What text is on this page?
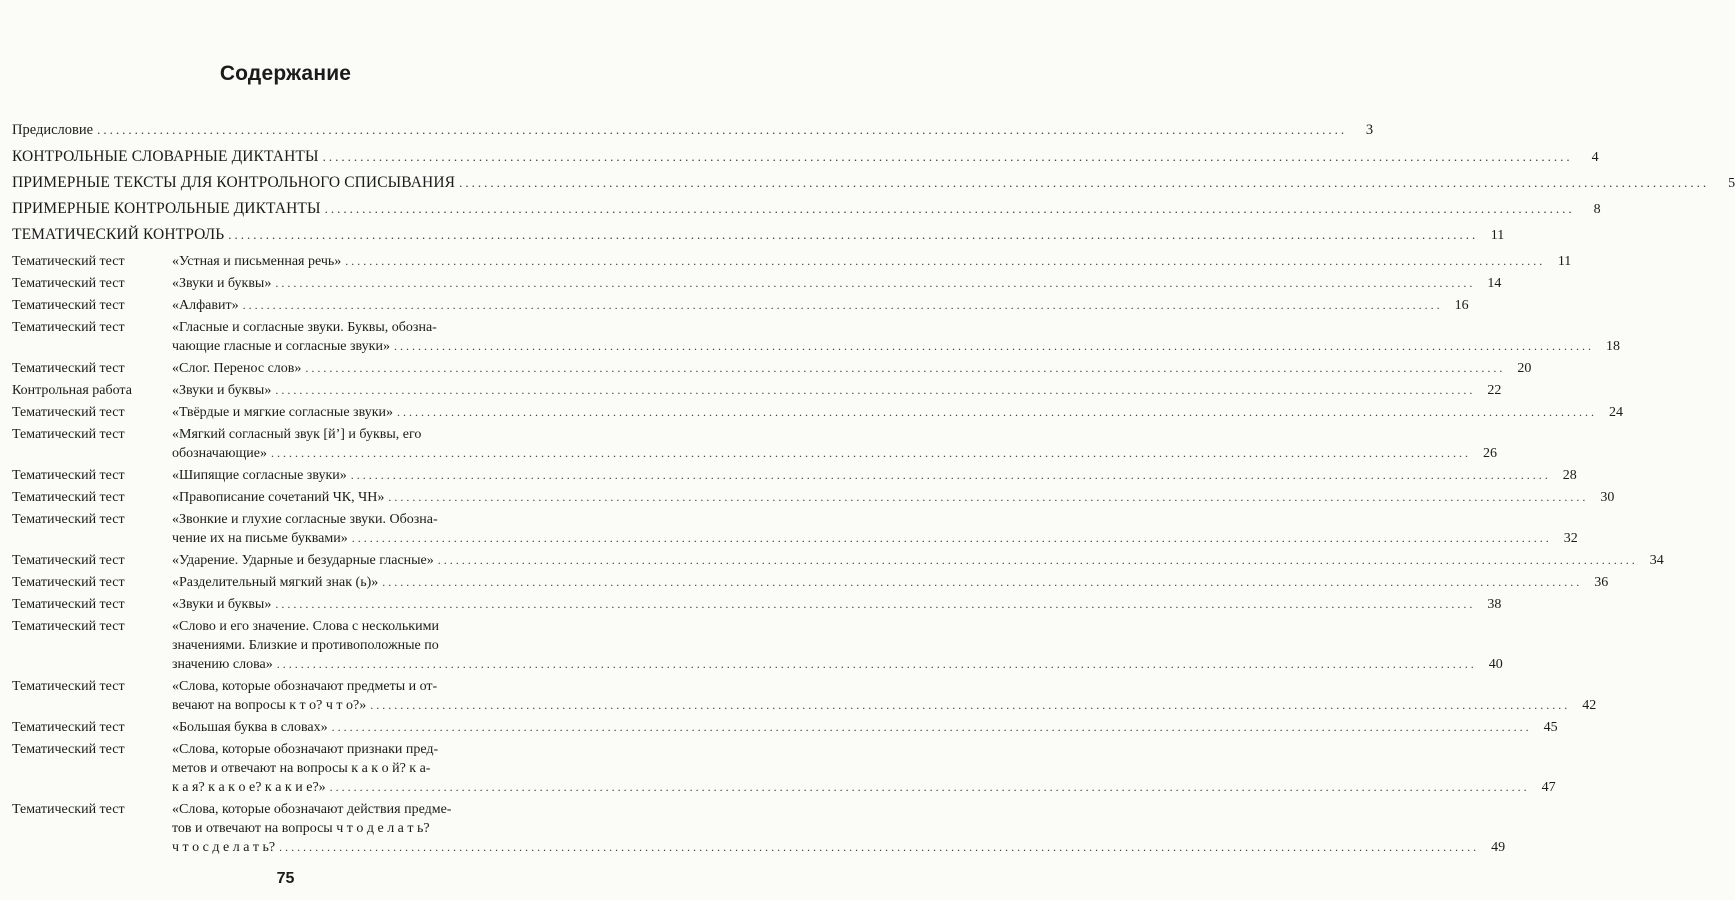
Содержание
Предисловие ........................................................................................................................................................................................................	3
КОНТРОЛЬНЫЕ СЛОВАРНЫЕ ДИКТАНТЫ ........................................................................................................................................................................................................	4
ПРИМЕРНЫЕ ТЕКСТЫ ДЛЯ КОНТРОЛЬНОГО СПИСЫВАНИЯ ........................................................................................................................................................................................................	5
ПРИМЕРНЫЕ КОНТРОЛЬНЫЕ ДИКТАНТЫ ........................................................................................................................................................................................................	8
ТЕМАТИЧЕСКИЙ КОНТРОЛЬ ........................................................................................................................................................................................................ 11
Тематический тест	«Устная и письменная речь» ........................................................................................................................................................................................................ 11
Тематический тест	«Звуки и буквы» ........................................................................................................................................................................................................ 14
Тематический тест	«Алфавит» ........................................................................................................................................................................................................ 16
Тематический тест	«Гласные и согласные звуки. Буквы, обозна-
чающие гласные и согласные звуки» ........................................................................................................................................................................................................ 18
Тематический тест	«Слог. Перенос слов» ........................................................................................................................................................................................................ 20
Контрольная работа	«Звуки и буквы» ........................................................................................................................................................................................................ 22
Тематический тест	«Твёрдые и мягкие согласные звуки» ........................................................................................................................................................................................................ 24
Тематический тест	«Мягкий согласный звук [й’] и буквы, его
обозначающие» ........................................................................................................................................................................................................ 26
Тематический тест	«Шипящие согласные звуки» ........................................................................................................................................................................................................ 28
Тематический тест	«Правописание сочетаний ЧК, ЧН» ........................................................................................................................................................................................................ 30
Тематический тест	«Звонкие и глухие согласные звуки. Обозна-
чение их на письме буквами» ........................................................................................................................................................................................................ 32
Тематический тест	«Ударение. Ударные и безударные гласные» ........................................................................................................................................................................................................ 34
Тематический тест	«Разделительный мягкий знак (ь)» ........................................................................................................................................................................................................ 36
Тематический тест	«Звуки и буквы» ........................................................................................................................................................................................................ 38
Тематический тест	«Слово и его значение. Слова с несколькими
значениями. Близкие и противоположные по
значению слова» ........................................................................................................................................................................................................ 40
Тематический тест	«Слова, которые обозначают предметы и от-
вечают на вопросы к т о? ч т о?» ........................................................................................................................................................................................................ 42
Тематический тест	«Большая буква в словах» ........................................................................................................................................................................................................ 45
Тематический тест	«Слова, которые обозначают признаки пред-
метов и отвечают на вопросы к а к о й? к а-
к а я? к а к о е? к а к и е?» ........................................................................................................................................................................................................ 47
Тематический тест	«Слова, которые обозначают действия предме-
тов и отвечают на вопросы ч т о д е л а т ь?
ч т о с д е л а т ь? ........................................................................................................................................................................................................ 49
75
